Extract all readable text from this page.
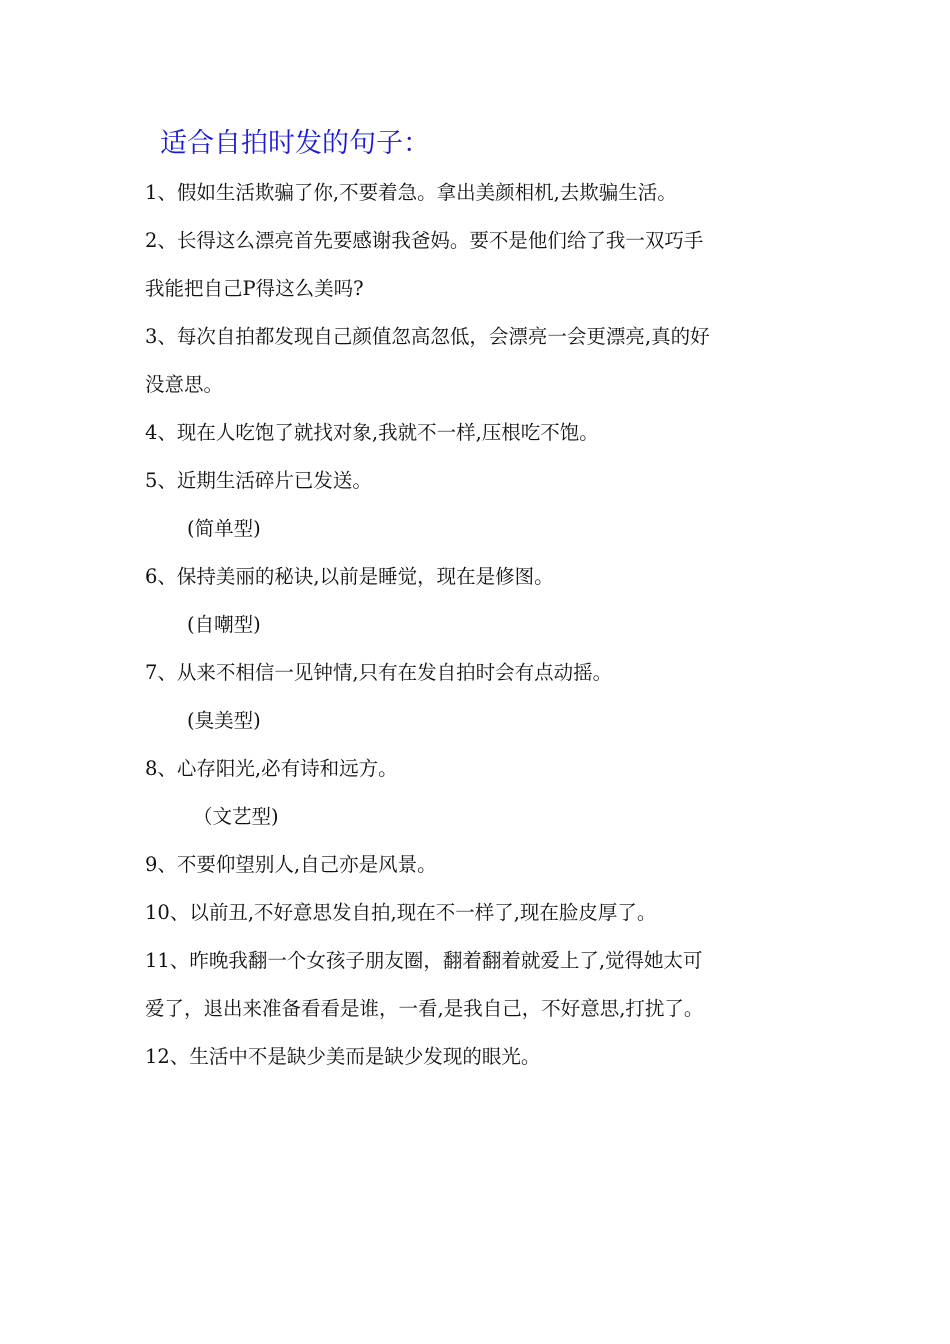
适合自拍时发的句子：
1、假如生活欺骗了你,不要着急。拿出美颜相机,去欺骗生活。
2、长得这么漂亮首先要感谢我爸妈。要不是他们给了我一双巧手
我能把自己P得这么美吗?
3、每次自拍都发现自己颜值忽高忽低，会漂亮一会更漂亮,真的好
没意思。
4、现在人吃饱了就找对象,我就不一样,压根吃不饱。
5、近期生活碎片已发送。
(简单型)
6、保持美丽的秘诀,以前是睡觉，现在是修图。
(自嘲型)
7、从来不相信一见钟情,只有在发自拍时会有点动摇。
(臭美型)
8、心存阳光,必有诗和远方。
（文艺型)
9、不要仰望别人,自己亦是风景。
10、以前丑,不好意思发自拍,现在不一样了,现在脸皮厚了。
11、昨晚我翻一个女孩子朋友圈，翻着翻着就爱上了,觉得她太可
爱了，退出来准备看看是谁，一看,是我自己，不好意思,打扰了。
12、生活中不是缺少美而是缺少发现的眼光。
